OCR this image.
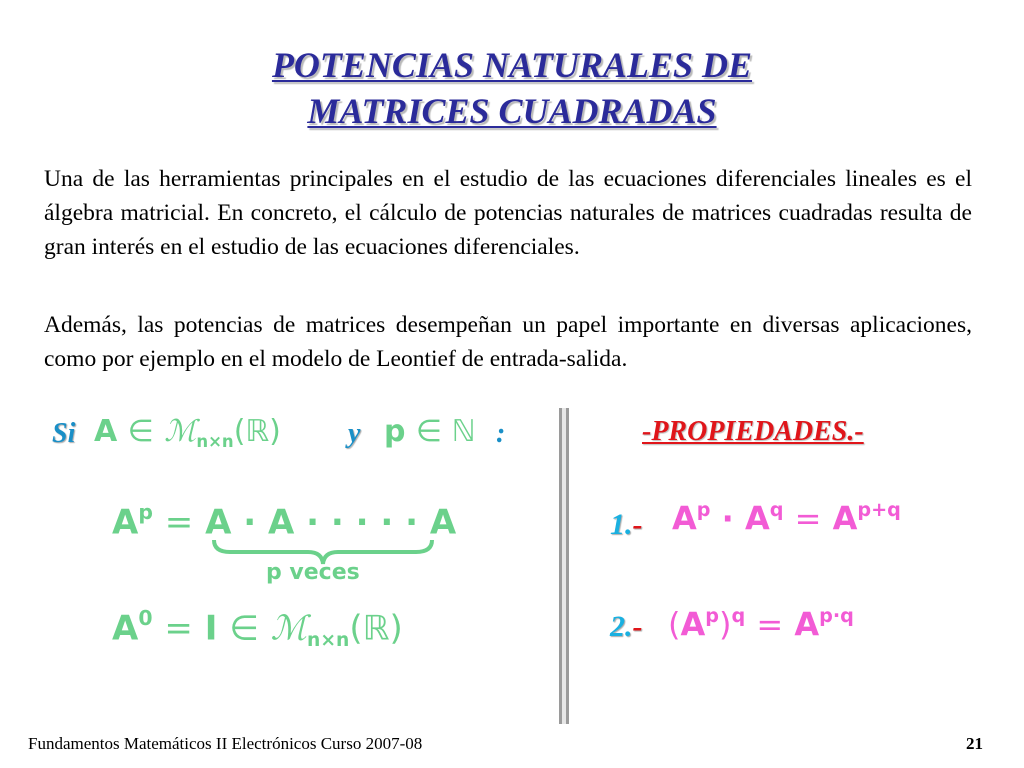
POTENCIAS NATURALES DE
MATRICES CUADRADAS

Una de las herramientas principales en el estudio de las ecuaciones diferenciales lineales es el álgebra matricial. En concreto, el cálculo de potencias naturales de matrices cuadradas resulta de gran interés en el estudio de las ecuaciones diferenciales.

Además, las potencias de matrices desempeñan un papel importante en diversas aplicaciones, como por ejemplo en el modelo de Leontief de entrada-salida.

Si A ∈ ℳ$_{n\times n}$(ℝ) y p ∈ ℕ :
$A^p = A \cdot A$ · · · · · A
p veces
$A^0 = I$ ∈ ℳ$_{n\times n}$(ℝ)
-PROPIEDADES.-
1.- $A^p \cdot A^q = A^{p+q}$
2.- $(A^p)^q = A^{p\cdot q}$
Fundamentos Matemáticos II Electrónicos Curso 2007-08	21
